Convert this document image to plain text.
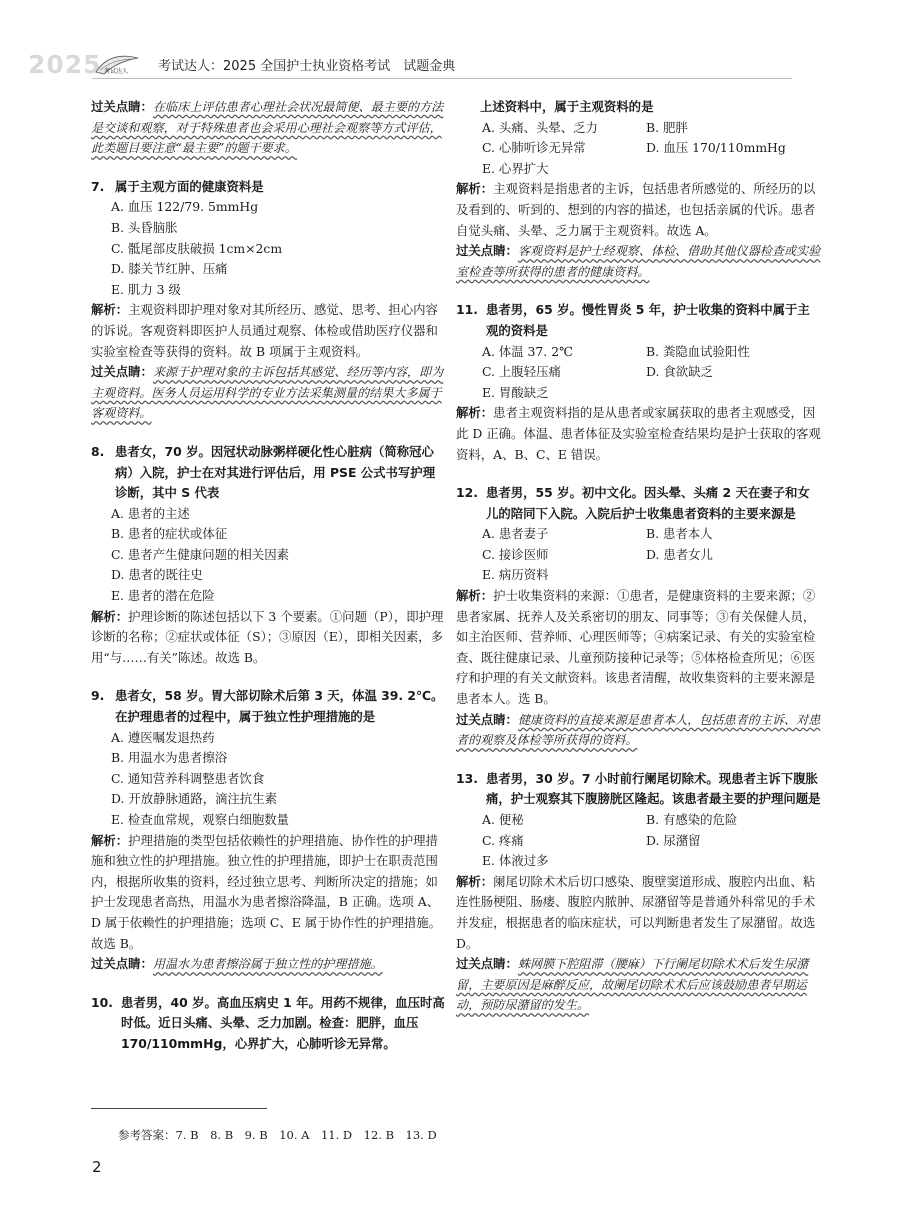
2025 考试达人 考试达人：2025 全国护士执业资格考试　试题金典

过关点睛：在临床上评估患者心理社会状况最简便、最主要的方法是交谈和观察，对于特殊患者也会采用心理社会观察等方式评估，此类题目要注意“最主要”的题干要求。

7. 属于主观方面的健康资料是
A. 血压 122/79. 5mmHg
B. 头昏脑胀
C. 骶尾部皮肤破损 1cm×2cm
D. 膝关节红肿、压痛
E. 肌力 3 级

解析：主观资料即护理对象对其所经历、感觉、思考、担心内容的诉说。客观资料即医护人员通过观察、体检或借助医疗仪器和实验室检查等获得的资料。故 B 项属于主观资料。

过关点睛：来源于护理对象的主诉包括其感觉、经历等内容，即为主观资料。医务人员运用科学的专业方法采集测量的结果大多属于客观资料。

8. 患者女，70 岁。因冠状动脉粥样硬化性心脏病（简称冠心病）入院，护士在对其进行评估后，用 PSE 公式书写护理诊断，其中 S 代表
A. 患者的主述
B. 患者的症状或体征
C. 患者产生健康问题的相关因素
D. 患者的既往史
E. 患者的潜在危险

解析：护理诊断的陈述包括以下 3 个要素。①问题（P），即护理诊断的名称；②症状或体征（S）；③原因（E），即相关因素，多用“与……有关”陈述。故选 B。

9. 患者女，58 岁。胃大部切除术后第 3 天，体温 39. 2℃。在护理患者的过程中，属于独立性护理措施的是
A. 遵医嘱发退热药
B. 用温水为患者擦浴
C. 通知营养科调整患者饮食
D. 开放静脉通路，滴注抗生素
E. 检查血常规，观察白细胞数量

解析：护理措施的类型包括依赖性的护理措施、协作性的护理措施和独立性的护理措施。独立性的护理措施，即护士在职责范围内，根据所收集的资料，经过独立思考、判断所决定的措施；如护士发现患者高热，用温水为患者擦浴降温，B 正确。选项 A、D 属于依赖性的护理措施；选项 C、E 属于协作性的护理措施。故选 B。

过关点睛：用温水为患者擦浴属于独立性的护理措施。

10. 患者男，40 岁。高血压病史 1 年。用药不规律，血压时高时低。近日头痛、头晕、乏力加剧。检查：肥胖，血压 170/110mmHg，心界扩大，心肺听诊无异常。
上述资料中，属于主观资料的是
A. 头痛、头晕、乏力	B. 肥胖
C. 心肺听诊无异常	D. 血压 170/110mmHg
E. 心界扩大

解析：主观资料是指患者的主诉，包括患者所感觉的、所经历的以及看到的、听到的、想到的内容的描述，也包括亲属的代诉。患者自觉头痛、头晕、乏力属于主观资料。故选 A。

过关点睛：客观资料是护士经观察、体检、借助其他仪器检查或实验室检查等所获得的患者的健康资料。

11. 患者男，65 岁。慢性胃炎 5 年，护士收集的资料中属于主观的资料是
A. 体温 37. 2℃	B. 粪隐血试验阳性
C. 上腹轻压痛	D. 食欲缺乏
E. 胃酸缺乏

解析：患者主观资料指的是从患者或家属获取的患者主观感受，因此 D 正确。体温、患者体征及实验室检查结果均是护士获取的客观资料，A、B、C、E 错误。

12. 患者男，55 岁。初中文化。因头晕、头痛 2 天在妻子和女儿的陪同下入院。入院后护士收集患者资料的主要来源是
A. 患者妻子	B. 患者本人
C. 接诊医师	D. 患者女儿
E. 病历资料

解析：护士收集资料的来源：①患者，是健康资料的主要来源；②患者家属、抚养人及关系密切的朋友、同事等；③有关保健人员，如主治医师、营养师、心理医师等；④病案记录、有关的实验室检查、既往健康记录、儿童预防接种记录等；⑤体格检查所见；⑥医疗和护理的有关文献资料。该患者清醒，故收集资料的主要来源是患者本人。选 B。

过关点睛：健康资料的直接来源是患者本人，包括患者的主诉、对患者的观察及体检等所获得的资料。

13. 患者男，30 岁。7 小时前行阑尾切除术。现患者主诉下腹胀痛，护士观察其下腹膀胱区隆起。该患者最主要的护理问题是
A. 便秘	B. 有感染的危险
C. 疼痛	D. 尿潴留
E. 体液过多

解析：阑尾切除术术后切口感染、腹壁窦道形成、腹腔内出血、粘连性肠梗阻、肠瘘、腹腔内脓肿、尿潴留等是普通外科常见的手术并发症，根据患者的临床症状，可以判断患者发生了尿潴留。故选 D。

过关点睛：蛛网膜下腔阻滞（腰麻）下行阑尾切除术术后发生尿潴留，主要原因是麻醉反应，故阑尾切除术术后应该鼓励患者早期运动，预防尿潴留的发生。

参考答案：7. B　8. B　9. B　10. A　11. D　12. B　13. D
2
